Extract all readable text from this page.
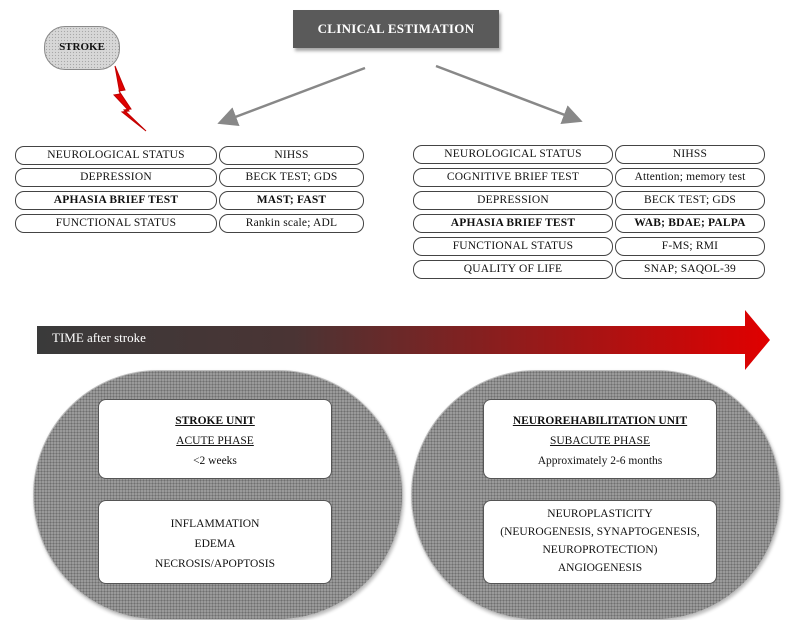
CLINICAL ESTIMATION
STROKE
NEUROLOGICAL STATUS	NIHSS
DEPRESSION	BECK TEST; GDS
APHASIA BRIEF TEST	MAST; FAST
FUNCTIONAL STATUS	Rankin scale; ADL
NEUROLOGICAL STATUS	NIHSS
COGNITIVE BRIEF TEST	Attention; memory test
DEPRESSION	BECK TEST; GDS
APHASIA BRIEF TEST	WAB; BDAE; PALPA
FUNCTIONAL STATUS	F-MS; RMI
QUALITY OF LIFE	SNAP; SAQOL-39
TIME after stroke
STROKE UNIT
ACUTE PHASE
<2 weeks
INFLAMMATION
EDEMA
NECROSIS/APOPTOSIS
NEUROREHABILITATION UNIT
SUBACUTE PHASE
Approximately 2-6 months
NEUROPLASTICITY
(NEUROGENESIS, SYNAPTOGENESIS,
NEUROPROTECTION)
ANGIOGENESIS
